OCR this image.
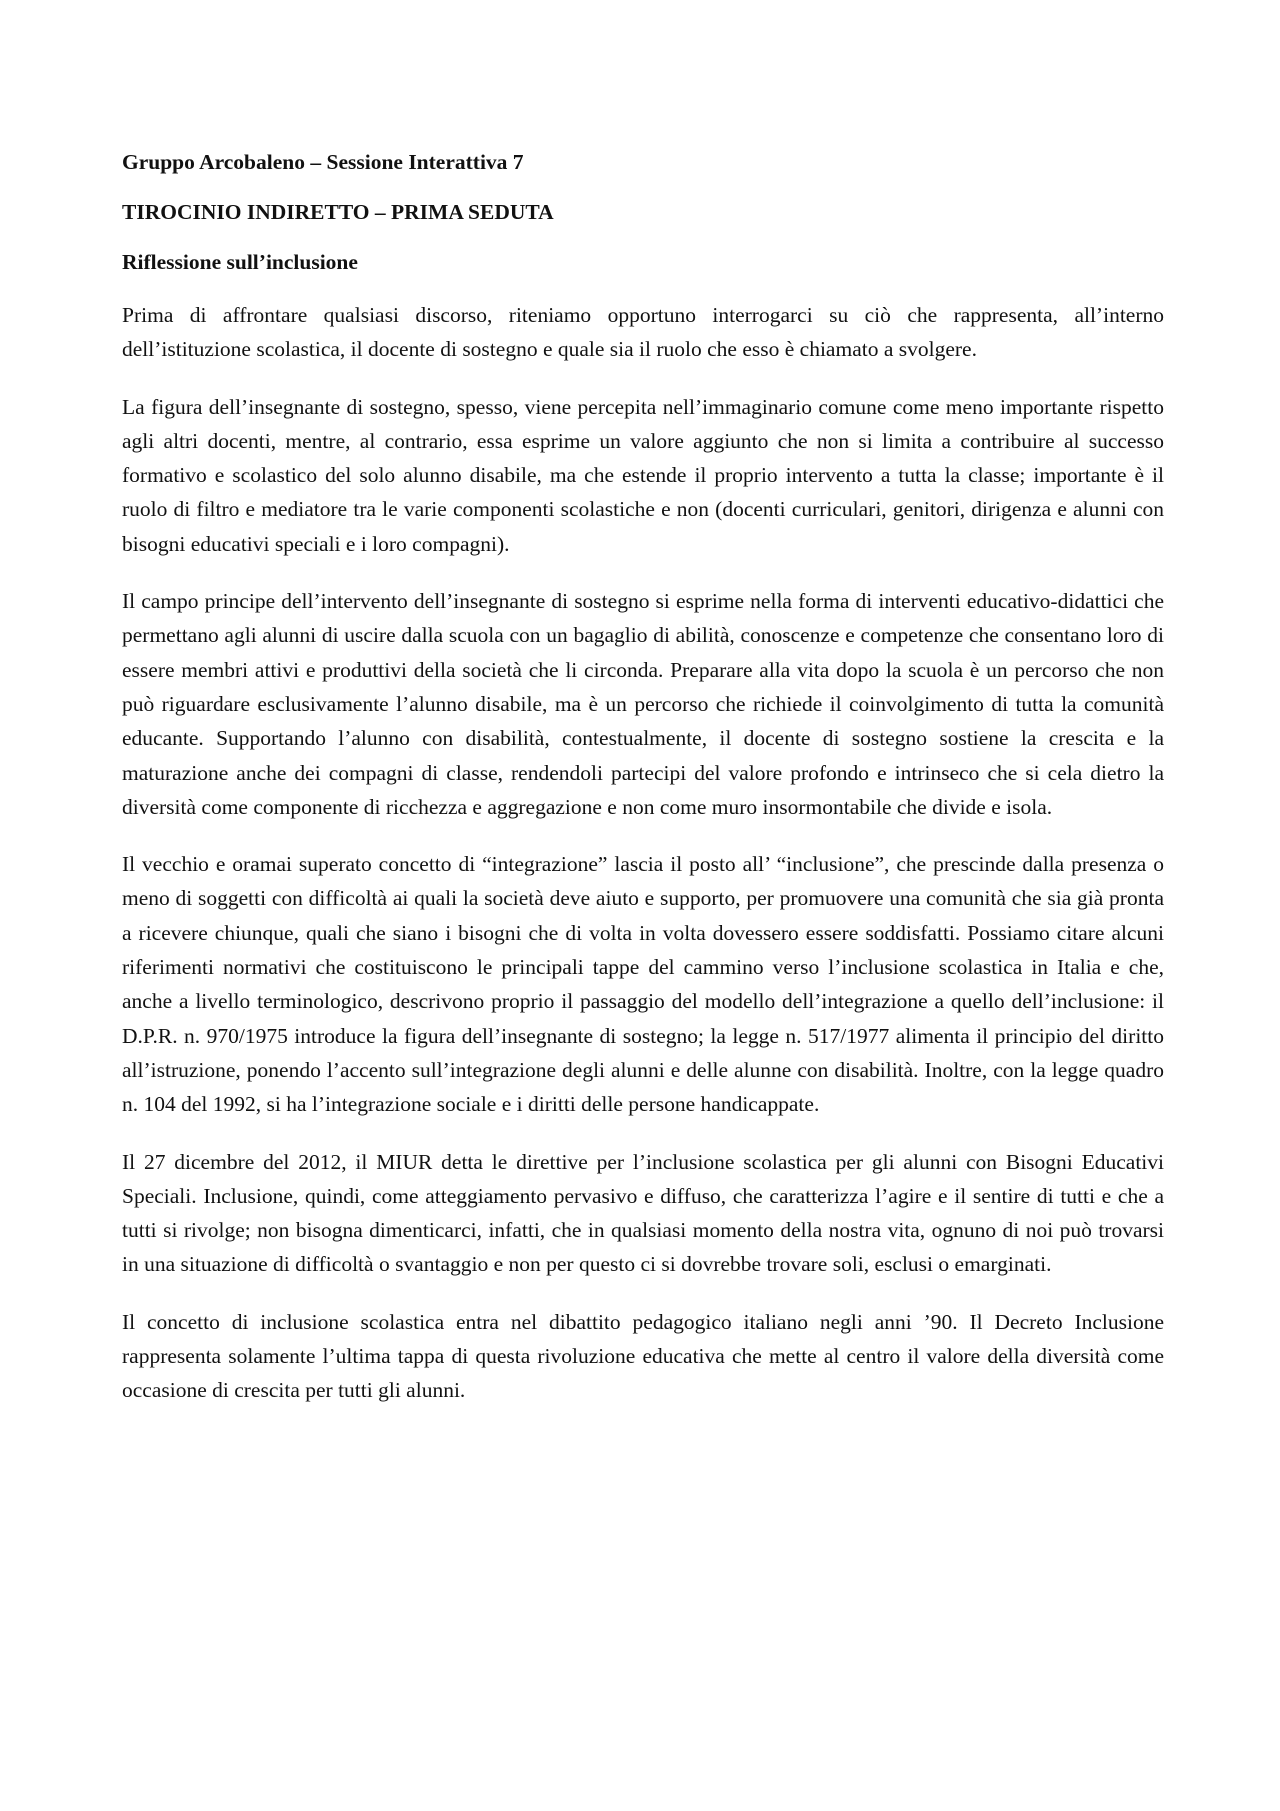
Gruppo Arcobaleno – Sessione Interattiva 7

TIROCINIO INDIRETTO – PRIMA SEDUTA

Riflessione sull’inclusione

Prima di affrontare qualsiasi discorso, riteniamo opportuno interrogarci su ciò che rappresenta, all’interno dell’istituzione scolastica, il docente di sostegno e quale sia il ruolo che esso è chiamato a svolgere.

La figura dell’insegnante di sostegno, spesso, viene percepita nell’immaginario comune come meno importante rispetto agli altri docenti, mentre, al contrario, essa esprime un valore aggiunto che non si limita a contribuire al successo formativo e scolastico del solo alunno disabile, ma che estende il proprio intervento a tutta la classe; importante è il ruolo di filtro e mediatore tra le varie componenti scolastiche e non (docenti curriculari, genitori, dirigenza e alunni con bisogni educativi speciali e i loro compagni).

Il campo principe dell’intervento dell’insegnante di sostegno si esprime nella forma di interventi educativo-didattici che permettano agli alunni di uscire dalla scuola con un bagaglio di abilità, conoscenze e competenze che consentano loro di essere membri attivi e produttivi della società che li circonda. Preparare alla vita dopo la scuola è un percorso che non può riguardare esclusivamente l’alunno disabile, ma è un percorso che richiede il coinvolgimento di tutta la comunità educante. Supportando l’alunno con disabilità, contestualmente, il docente di sostegno sostiene la crescita e la maturazione anche dei compagni di classe, rendendoli partecipi del valore profondo e intrinseco che si cela dietro la diversità come componente di ricchezza e aggregazione e non come muro insormontabile che divide e isola.

Il vecchio e oramai superato concetto di “integrazione” lascia il posto all’ “inclusione”, che prescinde dalla presenza o meno di soggetti con difficoltà ai quali la società deve aiuto e supporto, per promuovere una comunità che sia già pronta a ricevere chiunque, quali che siano i bisogni che di volta in volta dovessero essere soddisfatti. Possiamo citare alcuni riferimenti normativi che costituiscono le principali tappe del cammino verso l’inclusione scolastica in Italia e che, anche a livello terminologico, descrivono proprio il passaggio del modello dell’integrazione a quello dell’inclusione: il D.P.R. n. 970/1975 introduce la figura dell’insegnante di sostegno; la legge n. 517/1977 alimenta il principio del diritto all’istruzione, ponendo l’accento sull’integrazione degli alunni e delle alunne con disabilità. Inoltre, con la legge quadro n. 104 del 1992, si ha l’integrazione sociale e i diritti delle persone handicappate.

Il 27 dicembre del 2012, il MIUR detta le direttive per l’inclusione scolastica per gli alunni con Bisogni Educativi Speciali. Inclusione, quindi, come atteggiamento pervasivo e diffuso, che caratterizza l’agire e il sentire di tutti e che a tutti si rivolge; non bisogna dimenticarci, infatti, che in qualsiasi momento della nostra vita, ognuno di noi può trovarsi in una situazione di difficoltà o svantaggio e non per questo ci si dovrebbe trovare soli, esclusi o emarginati.

Il concetto di inclusione scolastica entra nel dibattito pedagogico italiano negli anni ’90. Il Decreto Inclusione rappresenta solamente l’ultima tappa di questa rivoluzione educativa che mette al centro il valore della diversità come occasione di crescita per tutti gli alunni.
